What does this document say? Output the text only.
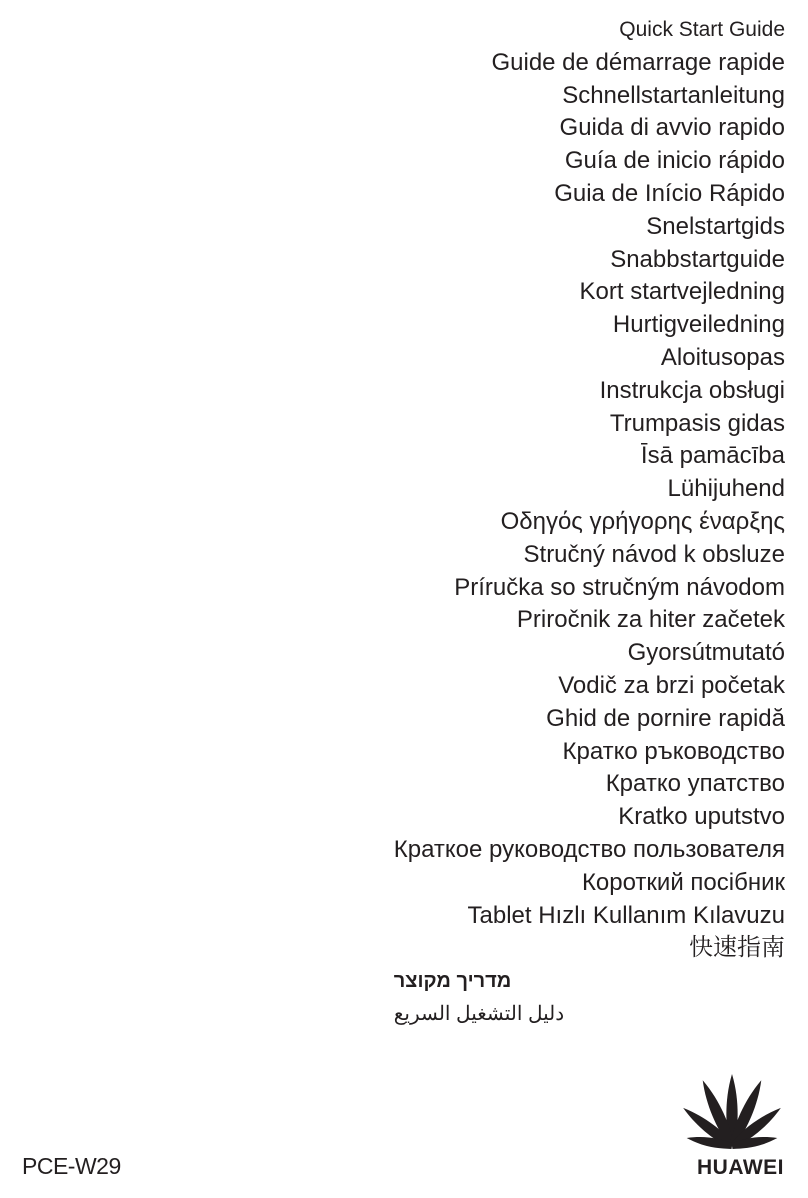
Quick Start Guide
Guide de démarrage rapide
Schnellstartanleitung
Guida di avvio rapido
Guía de inicio rápido
Guia de Início Rápido
Snelstartgids
Snabbstartguide
Kort startvejledning
Hurtigveiledning
Aloitusopas
Instrukcja obsługi
Trumpasis gidas
Īsā pamācība
Lühijuhend
Οδηγός γρήγορης έναρξης
Stručný návod k obsluze
Príručka so stručným návodom
Priročnik za hiter začetek
Gyorsútmutató
Vodič za brzi početak
Ghid de pornire rapidă
Кратко ръководство
Кратко упатство
Kratko uputstvo
Краткое руководство пользователя
Короткий посібник
Tablet Hızlı Kullanım Kılavuzu
快速指南
מדריך מקוצר
دليل التشغيل السريع
PCE-W29	HUAWEI
